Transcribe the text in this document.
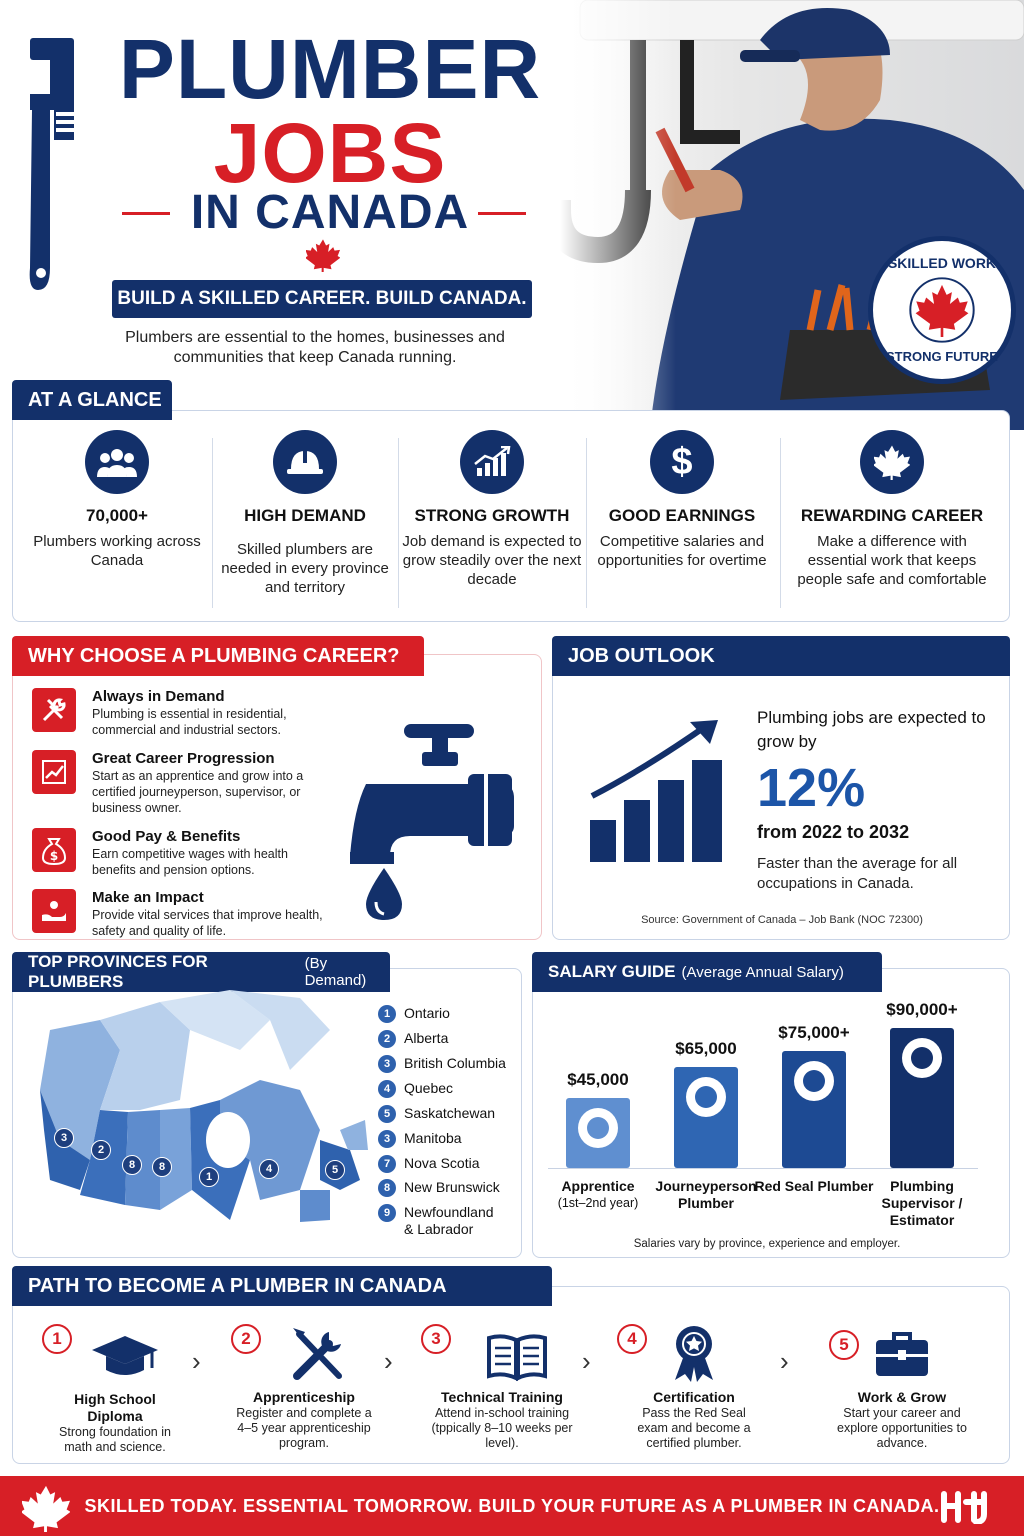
SKILLED WORK
STRONG FUTURE
PLUMBER
JOBS
IN CANADA
BUILD A SKILLED CAREER. BUILD CANADA.
Plumbers are essential to the homes, businesses and communities that keep Canada running.
AT A GLANCE
70,000+
Plumbers working across Canada
HIGH DEMAND
Skilled plumbers are needed in every province and territory
STRONG GROWTH
Job demand is expected to grow steadily over the next decade
$
GOOD EARNINGS
Competitive salaries and opportunities for overtime
REWARDING CAREER
Make a difference with essential work that keeps people safe and comfortable
WHY CHOOSE A PLUMBING CAREER?
Always in Demand
Plumbing is essential in residential, commercial and industrial sectors.
Great Career Progression
Start as an apprentice and grow into a certified journeyperson, supervisor, or business owner.
$
Good Pay & Benefits
Earn competitive wages with health benefits and pension options.
Make an Impact
Provide vital services that improve health, safety and quality of life.
JOB OUTLOOK
Plumbing jobs are expected to grow by
12%
from 2022 to 2032
Faster than the average for all occupations in Canada.
Source: Government of Canada – Job Bank (NOC 72300)
TOP PROVINCES FOR PLUMBERS
(By Demand)
3
2
8	8
1
4	5
1 Ontario
2 Alberta
3 British Columbia
4 Quebec
5 Saskatchewan
3 Manitoba
7 Nova Scotia
8 New Brunswick
9 Newfoundland & Labrador
SALARY GUIDE (Average Annual Salary)
$45,000
Apprentice
(1st–2nd year)
$65,000
Journeyperson Plumber
$75,000+
Red Seal Plumber
$90,000+
Plumbing Supervisor / Estimator
Salaries vary by province, experience and employer.
PATH TO BECOME A PLUMBER IN CANADA
High School Diploma
Strong foundation in math and science.
1
›
Apprenticeship
Register and complete a 4–5 year apprenticeship program.
2
›
Technical Training
Attend in-school training (tppically 8–10 weeks per level).
3
›
Certification
Pass the Red Seal exam and become a certified plumber.
4
›
Work & Grow
Start your career and explore opportunities to advance.
5
SKILLED TODAY. ESSENTIAL TOMORROW. BUILD YOUR FUTURE AS A PLUMBER IN CANADA.
